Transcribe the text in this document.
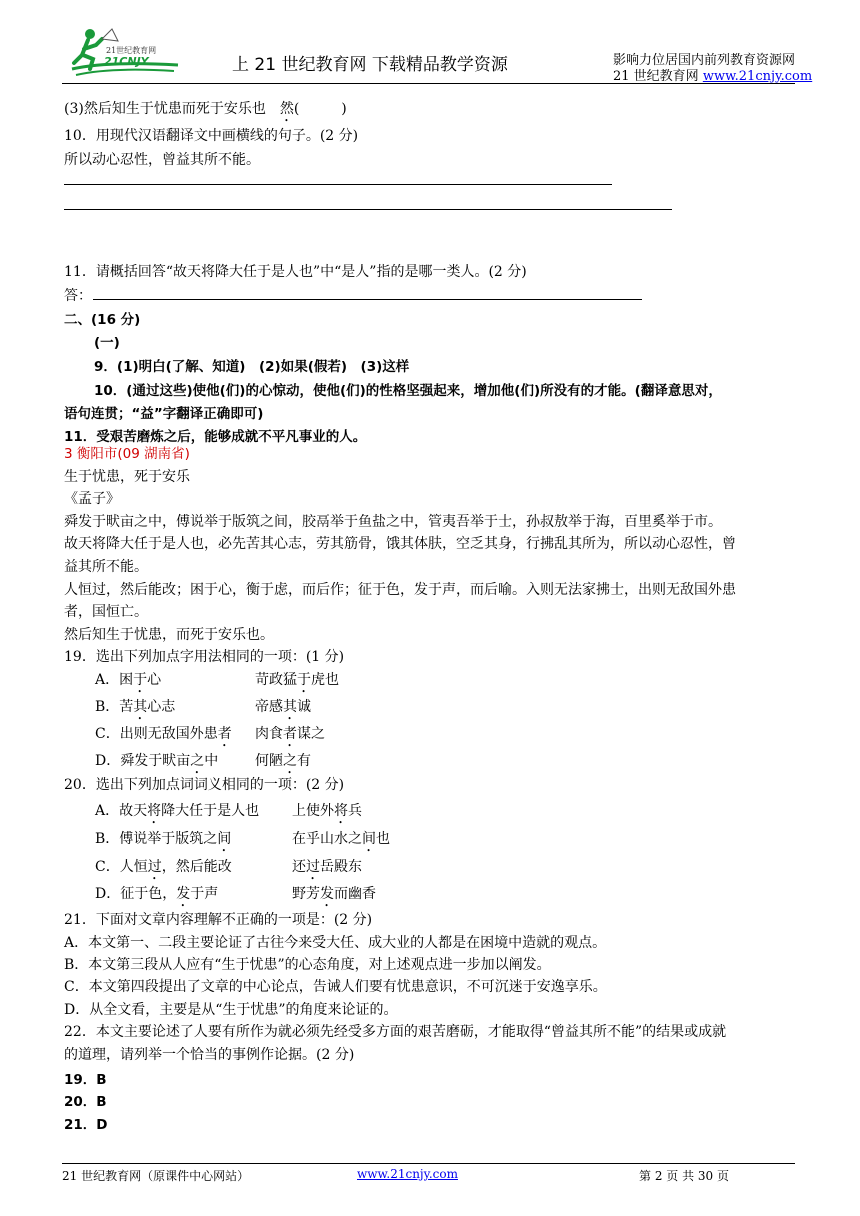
21世纪教育网
21CNJY	上 21 世纪教育网 下载精品教学资源	影响力位居国内前列教育资源网
21 世纪教育网 www.21cnjy.com
(3)然后知生于忧患而死于安乐也　然(　　　)
10．用现代汉语翻译文中画横线的句子。(2 分)
所以动心忍性，曾益其所不能。
11．请概括回答“故天将降大任于是人也”中“是人”指的是哪一类人。(2 分)
答：
二、(16 分)
(一)
9．(1)明白(了解、知道)　(2)如果(假若)　(3)这样
10．(通过这些)使他(们)的心惊动，使他(们)的性格坚强起来，增加他(们)所没有的才能。(翻译意思对，
语句连贯；“益”字翻译正确即可)
11．受艰苦磨炼之后，能够成就不平凡事业的人。
3 衡阳市(09 湖南省)
生于忧患，死于安乐
《孟子》
舜发于畎亩之中，傅说举于版筑之间，胶鬲举于鱼盐之中，管夷吾举于士，孙叔敖举于海，百里奚举于市。
故天将降大任于是人也，必先苦其心志，劳其筋骨，饿其体肤，空乏其身，行拂乱其所为，所以动心忍性，曾
益其所不能。
人恒过，然后能改；困于心，衡于虑，而后作；征于色，发于声，而后喻。入则无法家拂士，出则无敌国外患
者，国恒亡。
然后知生于忧患，而死于安乐也。
19．选出下列加点字用法相同的一项：(1 分)
A．困于心	苛政猛于虎也
B．苦其心志	帝感其诚
C．出则无敌国外患者 肉食者谋之
D．舜发于畎亩之中	何陋之有
20．选出下列加点词词义相同的一项：(2 分)
A．故天将降大任于是人也 上使外将兵
B．傅说举于版筑之间	在乎山水之间也
C．人恒过，然后能改	还过岳殿东
D．征于色，发于声	野芳发而幽香
21．下面对文章内容理解不正确的一项是：(2 分)
A．本文第一、二段主要论证了古往今来受大任、成大业的人都是在困境中造就的观点。
B．本文第三段从人应有“生于忧患”的心态角度，对上述观点进一步加以阐发。
C．本文第四段提出了文章的中心论点，告诫人们要有忧患意识，不可沉迷于安逸享乐。
D．从全文看，主要是从“生于忧患”的角度来论证的。
22．本文主要论述了人要有所作为就必须先经受多方面的艰苦磨砺，才能取得“曾益其所不能”的结果或成就
的道理，请列举一个恰当的事例作论据。(2 分)
19．B
20．B
21．D
21 世纪教育网（原课件中心网站）	www.21cnjy.com	第 2 页 共 30 页
